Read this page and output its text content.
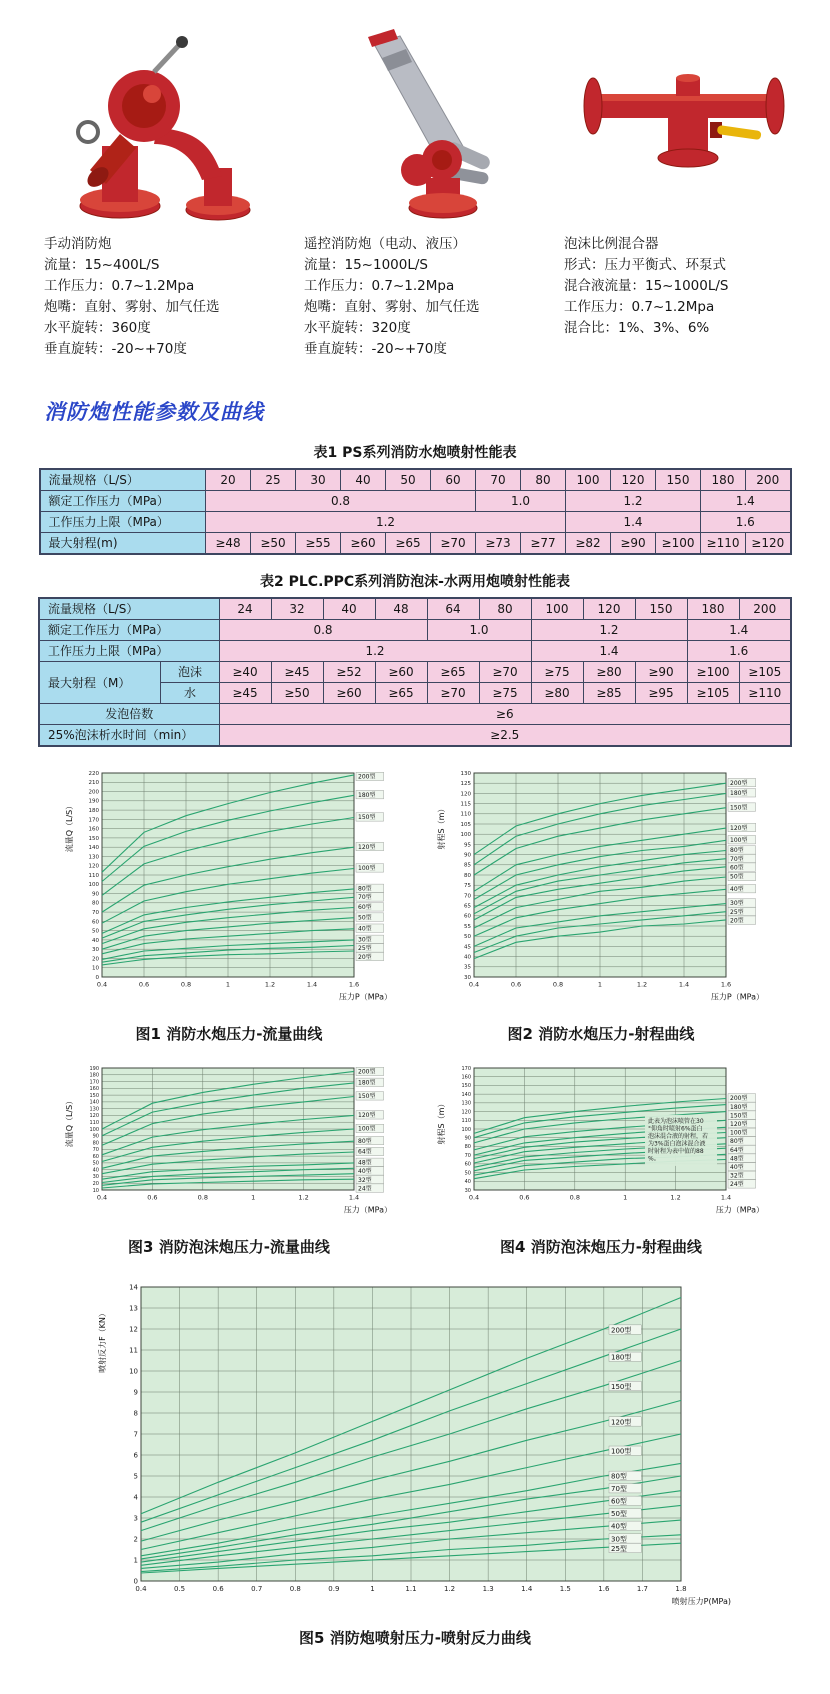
手动消防炮
流量：15~400L/S
工作压力：0.7~1.2Mpa
炮嘴：直射、雾射、加气任选
水平旋转：360度
垂直旋转：-20~+70度
遥控消防炮（电动、液压）
流量：15~1000L/S
工作压力：0.7~1.2Mpa
炮嘴：直射、雾射、加气任选
水平旋转：320度
垂直旋转：-20~+70度
泡沫比例混合器
形式：压力平衡式、环泵式
混合液流量：15~1000L/S
工作压力：0.7~1.2Mpa
混合比：1%、3%、6%
消防炮性能参数及曲线
表1 PS系列消防水炮喷射性能表
流量规格（L/S）	20	25	30	40	50	60	70	80	100	120	150	180	200
额定工作压力（MPa）	0.8						1.0		1.2			1.4	
工作压力上限（MPa）	1.2								1.4			1.6	
最大射程(m)	≥48	≥50	≥55	≥60	≥65	≥70	≥73	≥77	≥82	≥90	≥100	≥110	≥120
表2 PLC.PPC系列消防泡沫-水两用炮喷射性能表
流量规格（L/S）		24	32	40	48	64	80	100	120	150	180	200
额定工作压力（MPa）		0.8				1.0		1.2			1.4	
工作压力上限（MPa）		1.2						1.4			1.6	
最大射程（M）	泡沫	≥40	≥45	≥52	≥60	≥65	≥70	≥75	≥80	≥90	≥100	≥105
	水	≥45	≥50	≥60	≥65	≥70	≥75	≥80	≥85	≥95	≥105	≥110
发泡倍数		≥6										
25%泡沫析水时间（min）		≥2.5										
0
10
20
30
40
50
60
70
80
90
100
110
120
130
140
150
160
170
180
190
200
210
220
0.4	0.6	0.8	1	1.2	1.4	1.6
压力P（MPa）
流量Q（L/S）
200型
180型
150型
120型
100型
80型
70型
60型
50型
40型
30型
25型
20型
图1 消防水炮压力-流量曲线
30
35
40
45
50
55
60
65
70
75
80
85
90
95
100
105
110
115
120
125
130
0.4	0.6	0.8	1	1.2	1.4	1.6
压力P（MPa）
射程S（m）
200型
180型
150型
120型
100型
80型
70型
60型
50型
40型
30型
25型
20型
图2 消防水炮压力-射程曲线
10
20
30
40
50
60
70
80
90
100
110
120
130
140
150
160
170
180
190
0.4	0.6	0.8	1	1.2	1.4
压力（MPa）
流量Q（L/S）
200型
180型
150型
120型
100型
80型
64型
48型
40型
32型
24型
图3 消防泡沫炮压力-流量曲线
30
40
50
60
70
80
90
100
110
120
130
140
150
160
170
0.4	0.6	0.8	1	1.2	1.4
压力（MPa）
射程S（m）
200型
180型
150型
120型
100型
80型
64型
48型
40型
32型
24型
此表为泡沫喷管在30
°仰角时喷射6%蛋白
泡沫混合液的射程，若
为3%蛋白泡沫混合液
时射程为表中值的88
%。
图4 消防泡沫炮压力-射程曲线
0
1
2
3
4
5
6
7
8
9
10
11
12
13
14
0.4	0.5	0.6	0.7	0.8	0.9	1	1.1	1.2	1.3	1.4	1.5	1.6	1.7	1.8
喷射压力P(MPa)
喷射反力F（KN）	200型
180型
150型
120型
100型
80型
70型
60型
50型
40型
30型
25型
图5 消防炮喷射压力-喷射反力曲线
